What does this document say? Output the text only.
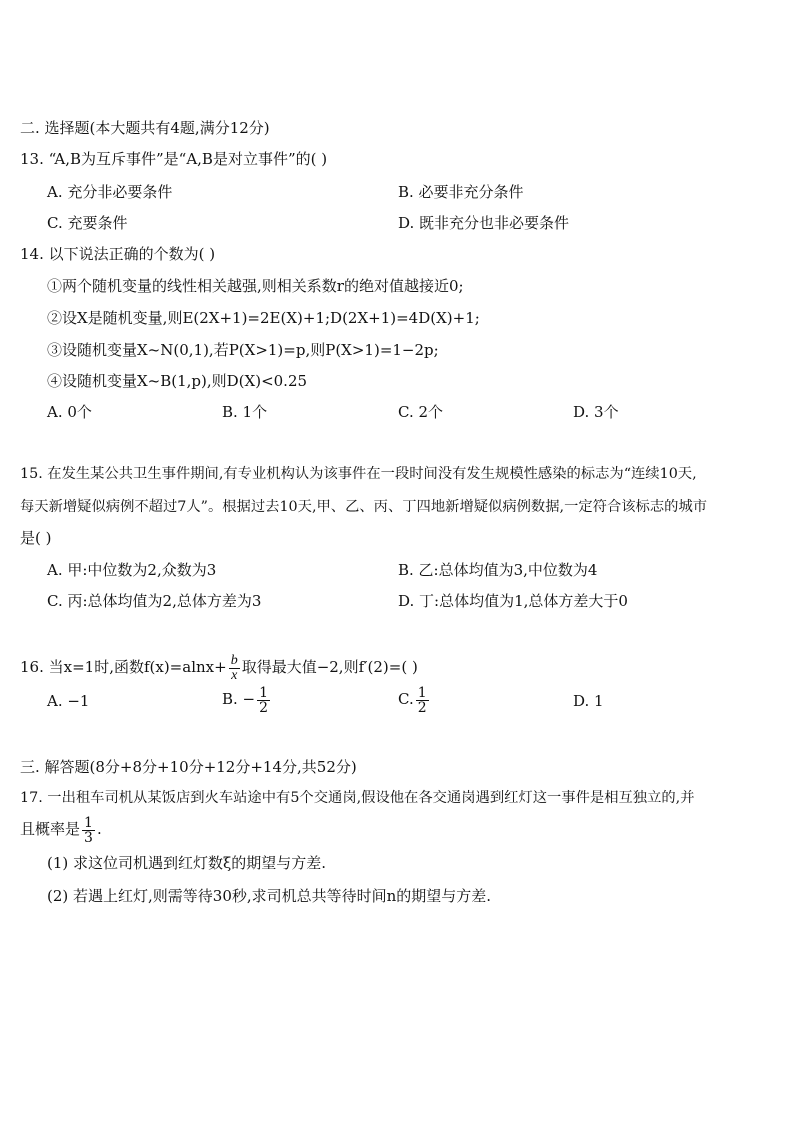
二. 选择题(本大题共有4题,满分12分)
13. “A,B为互斥事件”是“A,B是对立事件”的( )
A. 充分非必要条件	B. 必要非充分条件
C. 充要条件	D. 既非充分也非必要条件
14. 以下说法正确的个数为( )
①两个随机变量的线性相关越强,则相关系数r的绝对值越接近0;
②设X是随机变量,则E(2X+1)=2E(X)+1;D(2X+1)=4D(X)+1;
③设随机变量X~N(0,1),若P(X>1)=p,则P(X>1)=1−2p;
④设随机变量X~B(1,p),则D(X)<0.25
A. 0个	B. 1个	C. 2个	D. 3个
15. 在发生某公共卫生事件期间,有专业机构认为该事件在一段时间没有发生规模性感染的标志为“连续10天,
每天新增疑似病例不超过7人”。根据过去10天,甲、乙、丙、丁四地新增疑似病例数据,一定符合该标志的城市
是( )
A. 甲:中位数为2,众数为3	B. 乙:总体均值为3,中位数为4
C. 丙:总体均值为2,总体方差为3	D. 丁:总体均值为1,总体方差大于0
16. 当x=1时,函数$f(x)=alnx+ \frac{b}{x}$ 取得最大值−2,则f′(2)=( )
A. −1	B. − $\frac{1}{2}$	C. $\frac{1}{2}$	D. 1
三. 解答题(8分+8分+10分+12分+14分,共52分)
17. 一出租车司机从某饭店到火车站途中有5个交通岗,假设他在各交通岗遇到红灯这一事件是相互独立的,并
且概率是 $\frac{1}{3}$ .
(1) 求这位司机遇到红灯数ξ的期望与方差.
(2) 若遇上红灯,则需等待30秒,求司机总共等待时间n的期望与方差.
